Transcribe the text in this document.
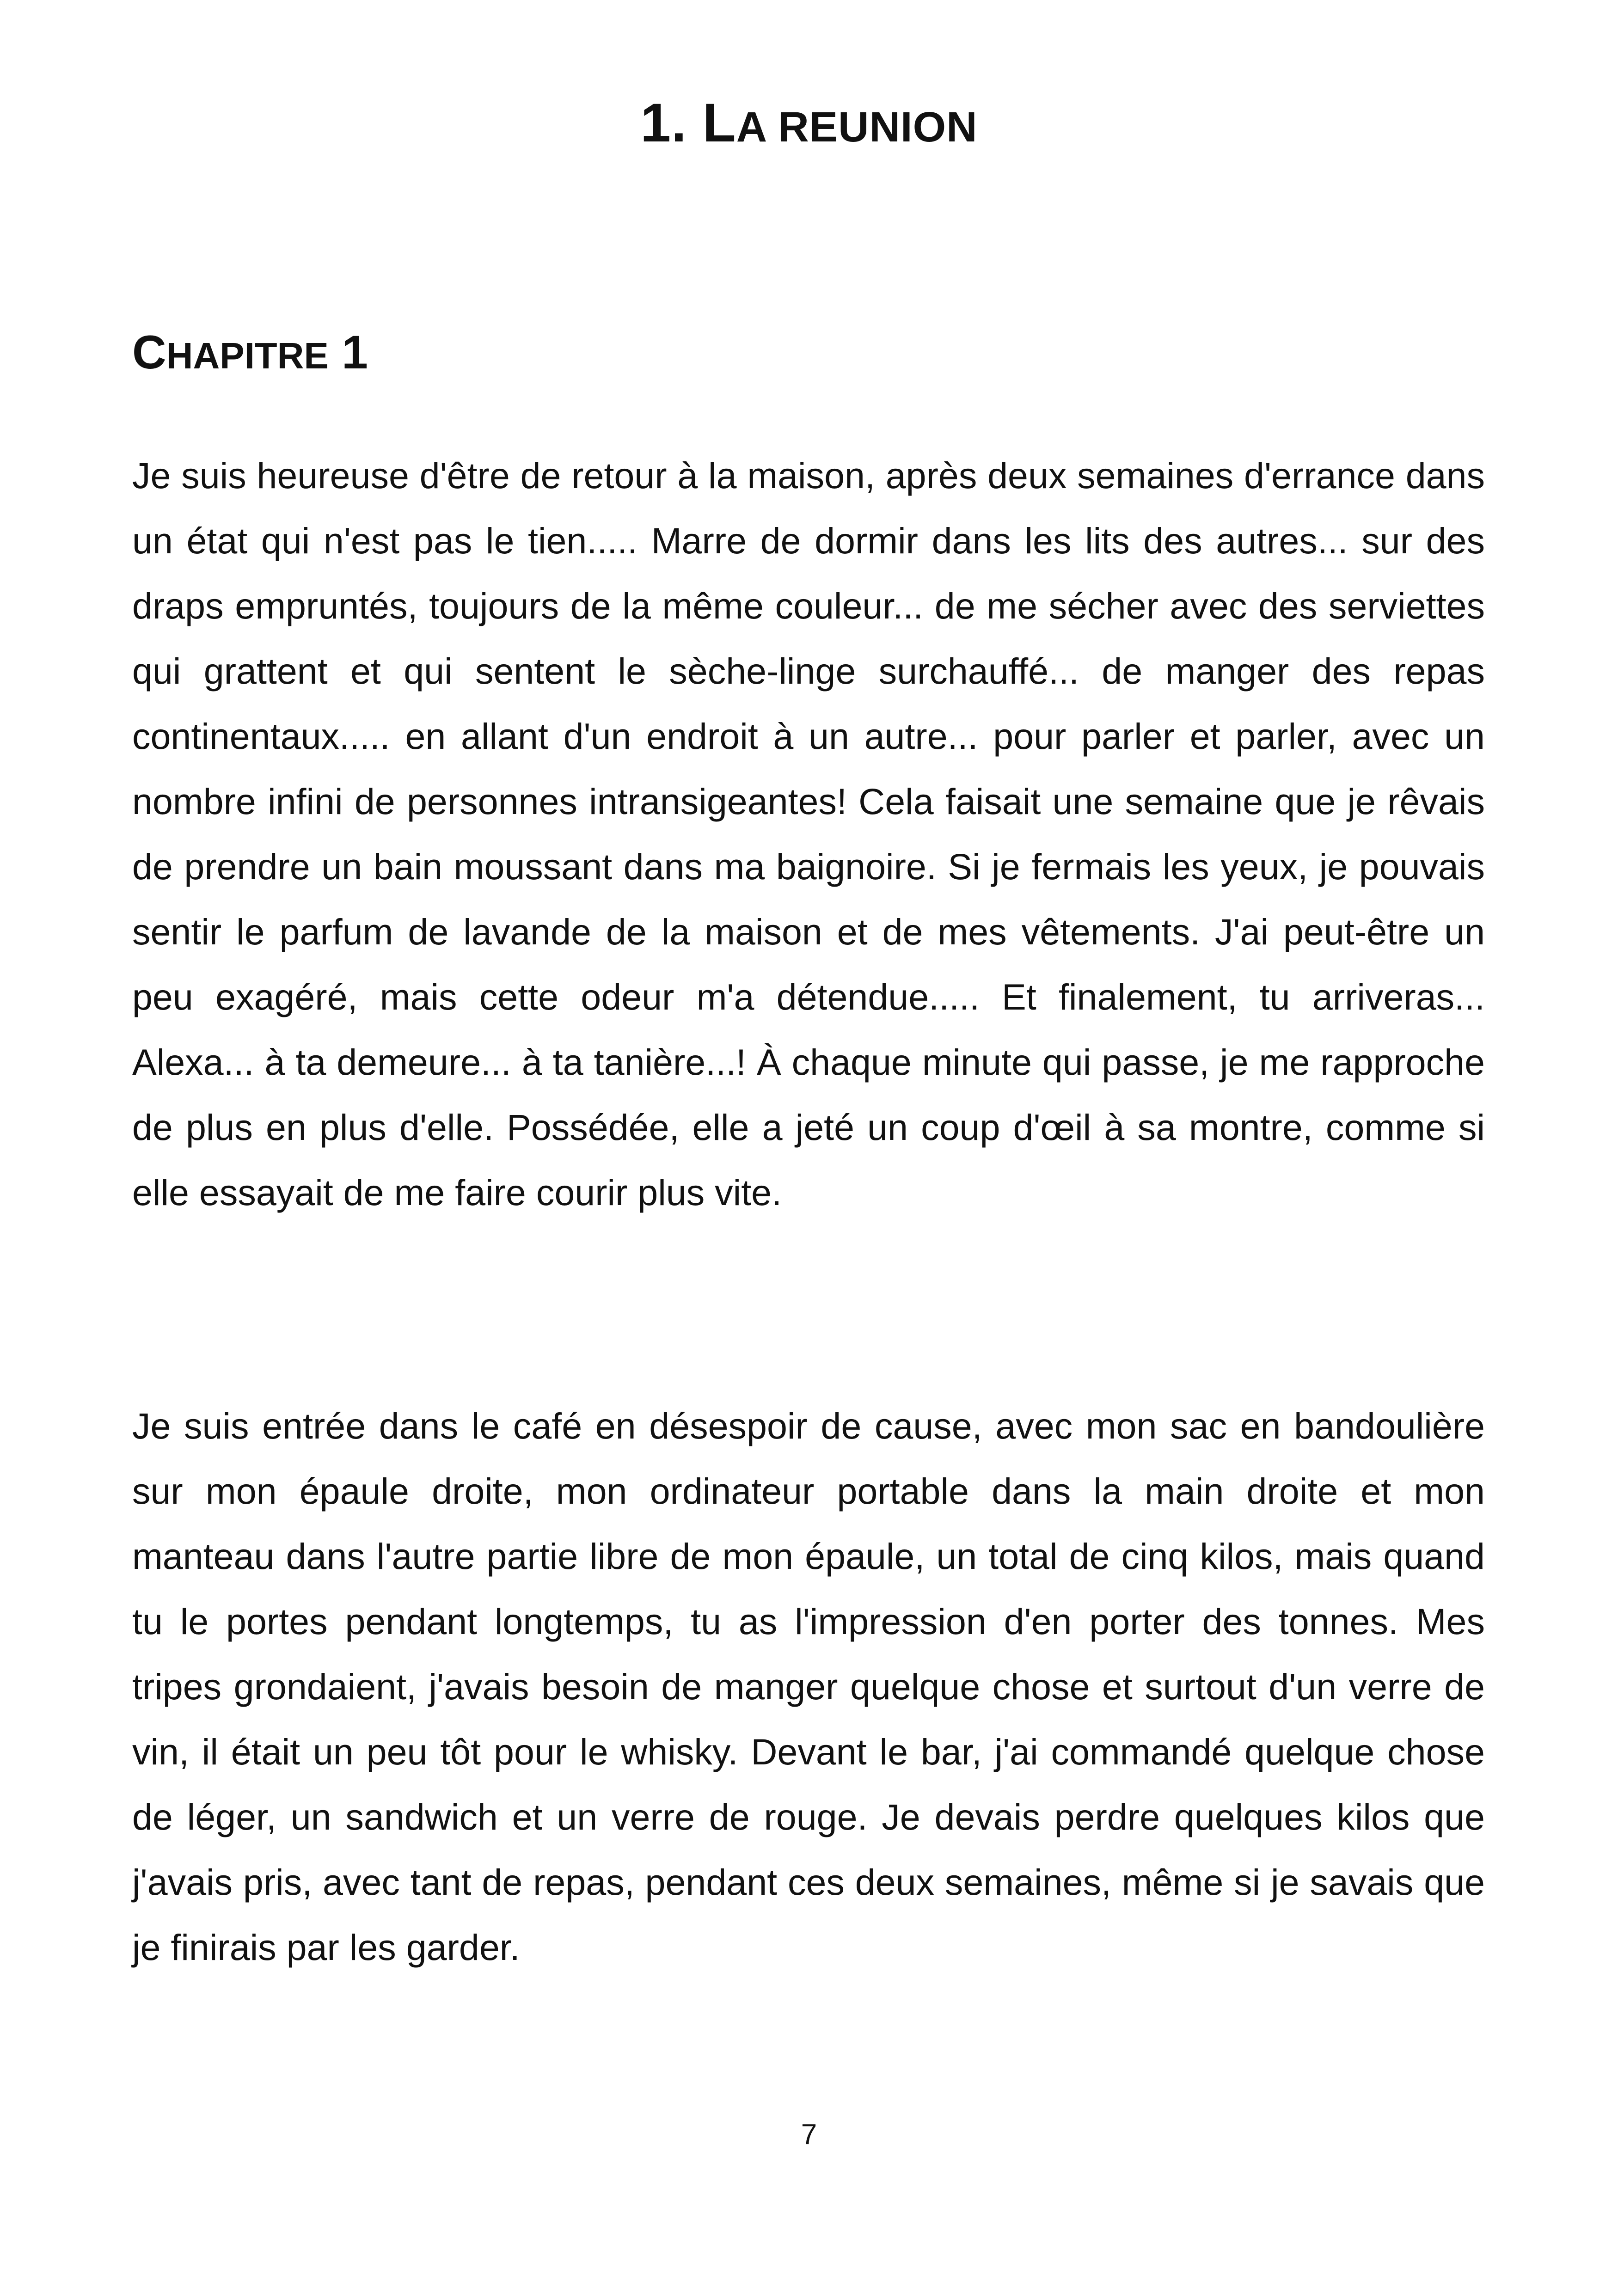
1. LA REUNION
CHAPITRE 1

Je suis heureuse d'être de retour à la maison, après deux semaines d'errance dans un état qui n'est pas le tien..... Marre de dormir dans les lits des autres... sur des draps empruntés, toujours de la même couleur... de me sécher avec des serviettes qui grattent et qui sentent le sèche-linge surchauffé... de manger des repas continentaux..... en allant d'un endroit à un autre... pour parler et parler, avec un nombre infini de personnes intransigeantes! Cela faisait une semaine que je rêvais de prendre un bain moussant dans ma baignoire. Si je fermais les yeux, je pouvais sentir le parfum de lavande de la maison et de mes vêtements. J'ai peut-être un peu exagéré, mais cette odeur m'a détendue..... Et finalement, tu arriveras... Alexa... à ta demeure... à ta tanière...! À chaque minute qui passe, je me rapproche de plus en plus d'elle. Possédée, elle a jeté un coup d'œil à sa montre, comme si elle essayait de me faire courir plus vite.

Je suis entrée dans le café en désespoir de cause, avec mon sac en bandoulière sur mon épaule droite, mon ordinateur portable dans la main droite et mon manteau dans l'autre partie libre de mon épaule, un total de cinq kilos, mais quand tu le portes pendant longtemps, tu as l'impression d'en porter des tonnes. Mes tripes grondaient, j'avais besoin de manger quelque chose et surtout d'un verre de vin, il était un peu tôt pour le whisky. Devant le bar, j'ai commandé quelque chose de léger, un sandwich et un verre de rouge. Je devais perdre quelques kilos que j'avais pris, avec tant de repas, pendant ces deux semaines, même si je savais que je finirais par les garder.

7
